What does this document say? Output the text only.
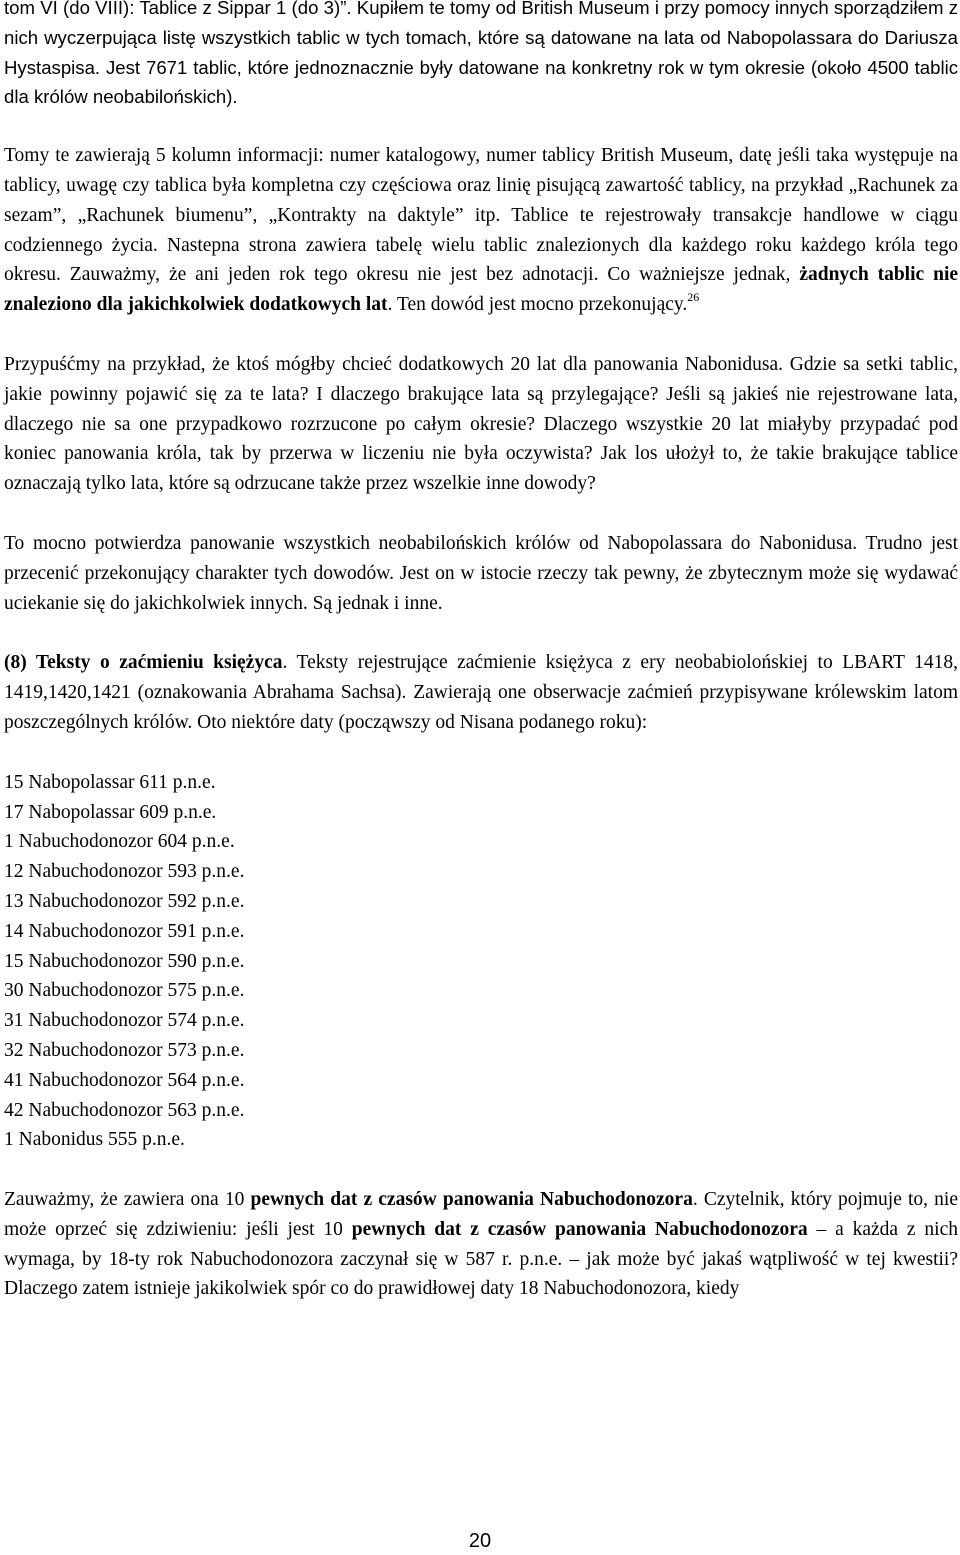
tom VI (do VIII): Tablice z Sippar 1 (do 3)”. Kupiłem te tomy od British Museum i przy pomocy innych sporządziłem z nich wyczerpująca listę wszystkich tablic w tych tomach, które są datowane na lata od Nabopolassara do Dariusza Hystaspisa. Jest 7671 tablic, które jednoznacznie były datowane na konkretny rok w tym okresie (około 4500 tablic dla królów neobabilońskich).

Tomy te zawierają 5 kolumn informacji: numer katalogowy, numer tablicy British Museum, datę jeśli taka występuje na tablicy, uwagę czy tablica była kompletna czy częściowa oraz linię pisującą zawartość tablicy, na przykład „Rachunek za sezam”, „Rachunek biumenu”, „Kontrakty na daktyle” itp. Tablice te rejestrowały transakcje handlowe w ciągu codziennego życia. Nastepna strona zawiera tabelę wielu tablic znalezionych dla każdego roku każdego króla tego okresu. Zauważmy, że ani jeden rok tego okresu nie jest bez adnotacji. Co ważniejsze jednak, żadnych tablic nie znaleziono dla jakichkolwiek dodatkowych lat. Ten dowód jest mocno przekonujący.$^{26}$

Przypuśćmy na przykład, że ktoś mógłby chcieć dodatkowych 20 lat dla panowania Nabonidusa. Gdzie sa setki tablic, jakie powinny pojawić się za te lata? I dlaczego brakujące lata są przylegające? Jeśli są jakieś nie rejestrowane lata, dlaczego nie sa one przypadkowo rozrzucone po całym okresie? Dlaczego wszystkie 20 lat miałyby przypadać pod koniec panowania króla, tak by przerwa w liczeniu nie była oczywista? Jak los ułożył to, że takie brakujące tablice oznaczają tylko lata, które są odrzucane także przez wszelkie inne dowody?

To mocno potwierdza panowanie wszystkich neobabilońskich królów od Nabopolassara do Nabonidusa. Trudno jest przecenić przekonujący charakter tych dowodów. Jest on w istocie rzeczy tak pewny, że zbytecznym może się wydawać uciekanie się do jakichkolwiek innych. Są jednak i inne.

(8) Teksty o zaćmieniu księżyca. Teksty rejestrujące zaćmienie księżyca z ery neobabiolońskiej to LBART 1418, 1419,1420,1421 (oznakowania Abrahama Sachsa). Zawierają one obserwacje zaćmień przypisywane królewskim latom poszczególnych królów. Oto niektóre daty (począwszy od Nisana podanego roku):

15 Nabopolassar 611 p.n.e.
17 Nabopolassar 609 p.n.e.
1 Nabuchodonozor 604 p.n.e.
12 Nabuchodonozor 593 p.n.e.
13 Nabuchodonozor 592 p.n.e.
14 Nabuchodonozor 591 p.n.e.
15 Nabuchodonozor 590 p.n.e.
30 Nabuchodonozor 575 p.n.e.
31 Nabuchodonozor 574 p.n.e.
32 Nabuchodonozor 573 p.n.e.
41 Nabuchodonozor 564 p.n.e.
42 Nabuchodonozor 563 p.n.e.
1 Nabonidus 555 p.n.e.

Zauważmy, że zawiera ona 10 pewnych dat z czasów panowania Nabuchodonozora. Czytelnik, który pojmuje to, nie może oprzeć się zdziwieniu: jeśli jest 10 pewnych dat z czasów panowania Nabuchodonozora – a każda z nich wymaga, by 18-ty rok Nabuchodonozora zaczynał się w 587 r. p.n.e. – jak może być jakaś wątpliwość w tej kwestii? Dlaczego zatem istnieje jakikolwiek spór co do prawidłowej daty 18 Nabuchodonozora, kiedy

20
